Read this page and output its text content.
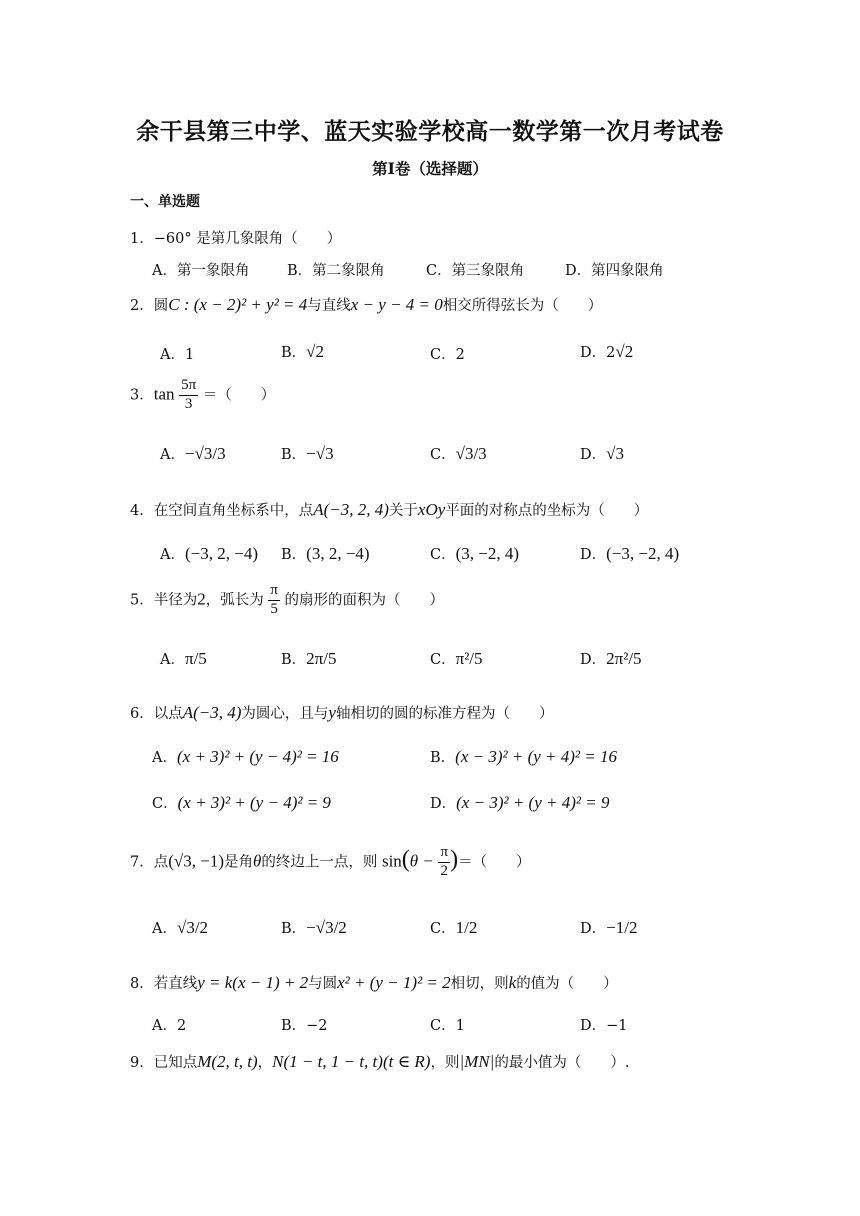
余干县第三中学、蓝天实验学校高一数学第一次月考试卷
第Ⅰ卷（选择题）
一、单选题
1．−60° 是第几象限角（　　）
A．第一象限角	B．第二象限角	C．第三象限角	D．第四象限角
2．圆C : (x − 2)² + y² = 4与直线x − y − 4 = 0相交所得弦长为（　　）
A．1	B．√2	C．2	D．2√2
3．$\tan \frac{5\pi}{3}$ ＝（　　）
A．−√3/3	B．−√3	C．√3/3	D．√3
4．在空间直角坐标系中，点A(−3, 2, 4)关于xOy平面的对称点的坐标为（　　）
A．(−3, 2, −4) B．(3, 2, −4)	C．(3, −2, 4)	D．(−3, −2, 4)
5．半径为2，弧长为 $\frac{\pi}{5}$ 的扇形的面积为（　　）
A．π/5	B．2π/5	C．π²/5	D．2π²/5
6．以点A(−3, 4)为圆心，且与y轴相切的圆的标准方程为（　　）
A．(x + 3)² + (y − 4)² = 16	B．(x − 3)² + (y + 4)² = 16
C．(x + 3)² + (y − 4)² = 9	D．(x − 3)² + (y + 4)² = 9
7．点(√3, −1)是角θ的终边上一点，则 $\sin(\theta - \frac{\pi}{2}$ )＝（　　）
A．√3/2	B．−√3/2	C．1/2	D．−1/2
8．若直线y = k(x − 1) + 2与圆x² + (y − 1)² = 2相切，则k的值为（　　）
A．2	B．−2	C．1	D．−1
9．已知点M(2, t, t)，N(1 − t, 1 − t, t)(t ∈ R)，则|MN|的最小值为（　　）.
